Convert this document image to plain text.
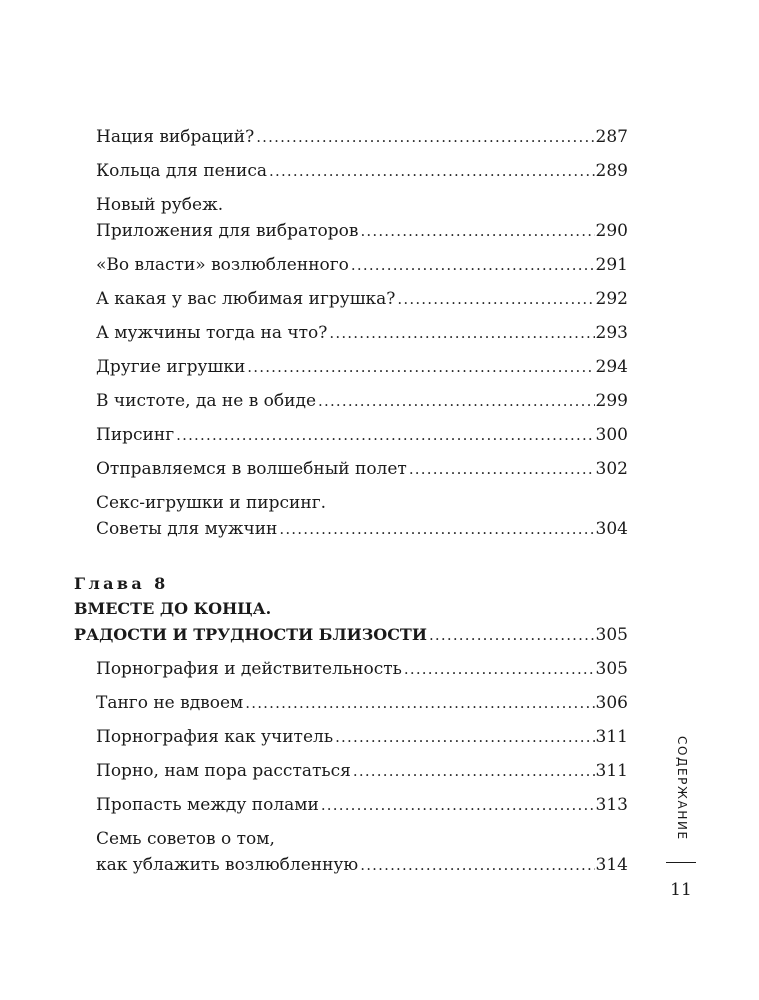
Нация вибраций? .....	287
Кольца для пениса .....	289
Новый рубеж.
Приложения для вибраторов .....	290
«Во власти» возлюбленного .....	291
А какая у вас любимая игрушка? .....	292
А мужчины тогда на что? .....	293
Другие игрушки .....	294
В чистоте, да не в обиде .....	299
Пирсинг .....	300
Отправляемся в волшебный полет .....	302
Секс-игрушки и пирсинг.
Советы для мужчин .....	304
Глава 8
ВМЕСТЕ ДО КОНЦА.
РАДОСТИ И ТРУДНОСТИ БЛИЗОСТИ .....	305
Порнография и действительность .....	305
Танго не вдвоем .....	306
Порнография как учитель .....	311
Порно, нам пора расстаться .....	311
Пропасть между полами .....	313
Семь советов о том,
как ублажить возлюбленную .....	314
СОДЕРЖАНИЕ
11
